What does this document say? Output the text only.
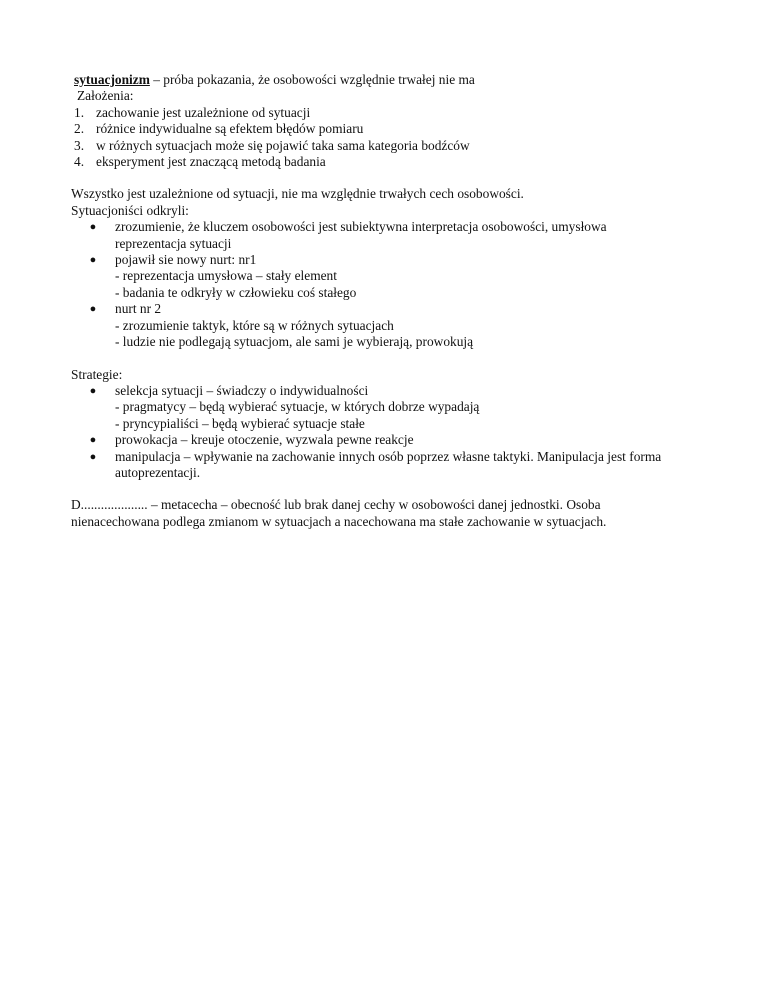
sytuacjonizm – próba pokazania, że osobowości względnie trwałej nie ma

Założenia:

1. zachowanie jest uzależnione od sytuacji
2. różnice indywidualne są efektem błędów pomiaru
3. w różnych sytuacjach może się pojawić taka sama kategoria bodźców
4. eksperyment jest znaczącą metodą badania

Wszystko jest uzależnione od sytuacji, nie ma względnie trwałych cech osobowości.

Sytuacjoniści odkryli:

●	zrozumienie, że kluczem osobowości jest subiektywna interpretacja osobowości, umysłowa
reprezentacja sytuacji
●	pojawił sie nowy nurt: nr1
- reprezentacja umysłowa – stały element
- badania te odkryły w człowieku coś stałego
●	nurt nr 2
- zrozumienie taktyk, które są w różnych sytuacjach
- ludzie nie podlegają sytuacjom, ale sami je wybierają, prowokują

Strategie:

●	selekcja sytuacji – świadczy o indywidualności
- pragmatycy – będą wybierać sytuacje, w których dobrze wypadają
- pryncypialiści – będą wybierać sytuacje stałe
●	prowokacja – kreuje otoczenie, wyzwala pewne reakcje
●	manipulacja – wpływanie na zachowanie innych osób poprzez własne taktyki. Manipulacja jest forma
autoprezentacji.

D.................... – metacecha – obecność lub brak danej cechy w osobowości danej jednostki. Osoba

nienacechowana podlega zmianom w sytuacjach a nacechowana ma stałe zachowanie w sytuacjach.
